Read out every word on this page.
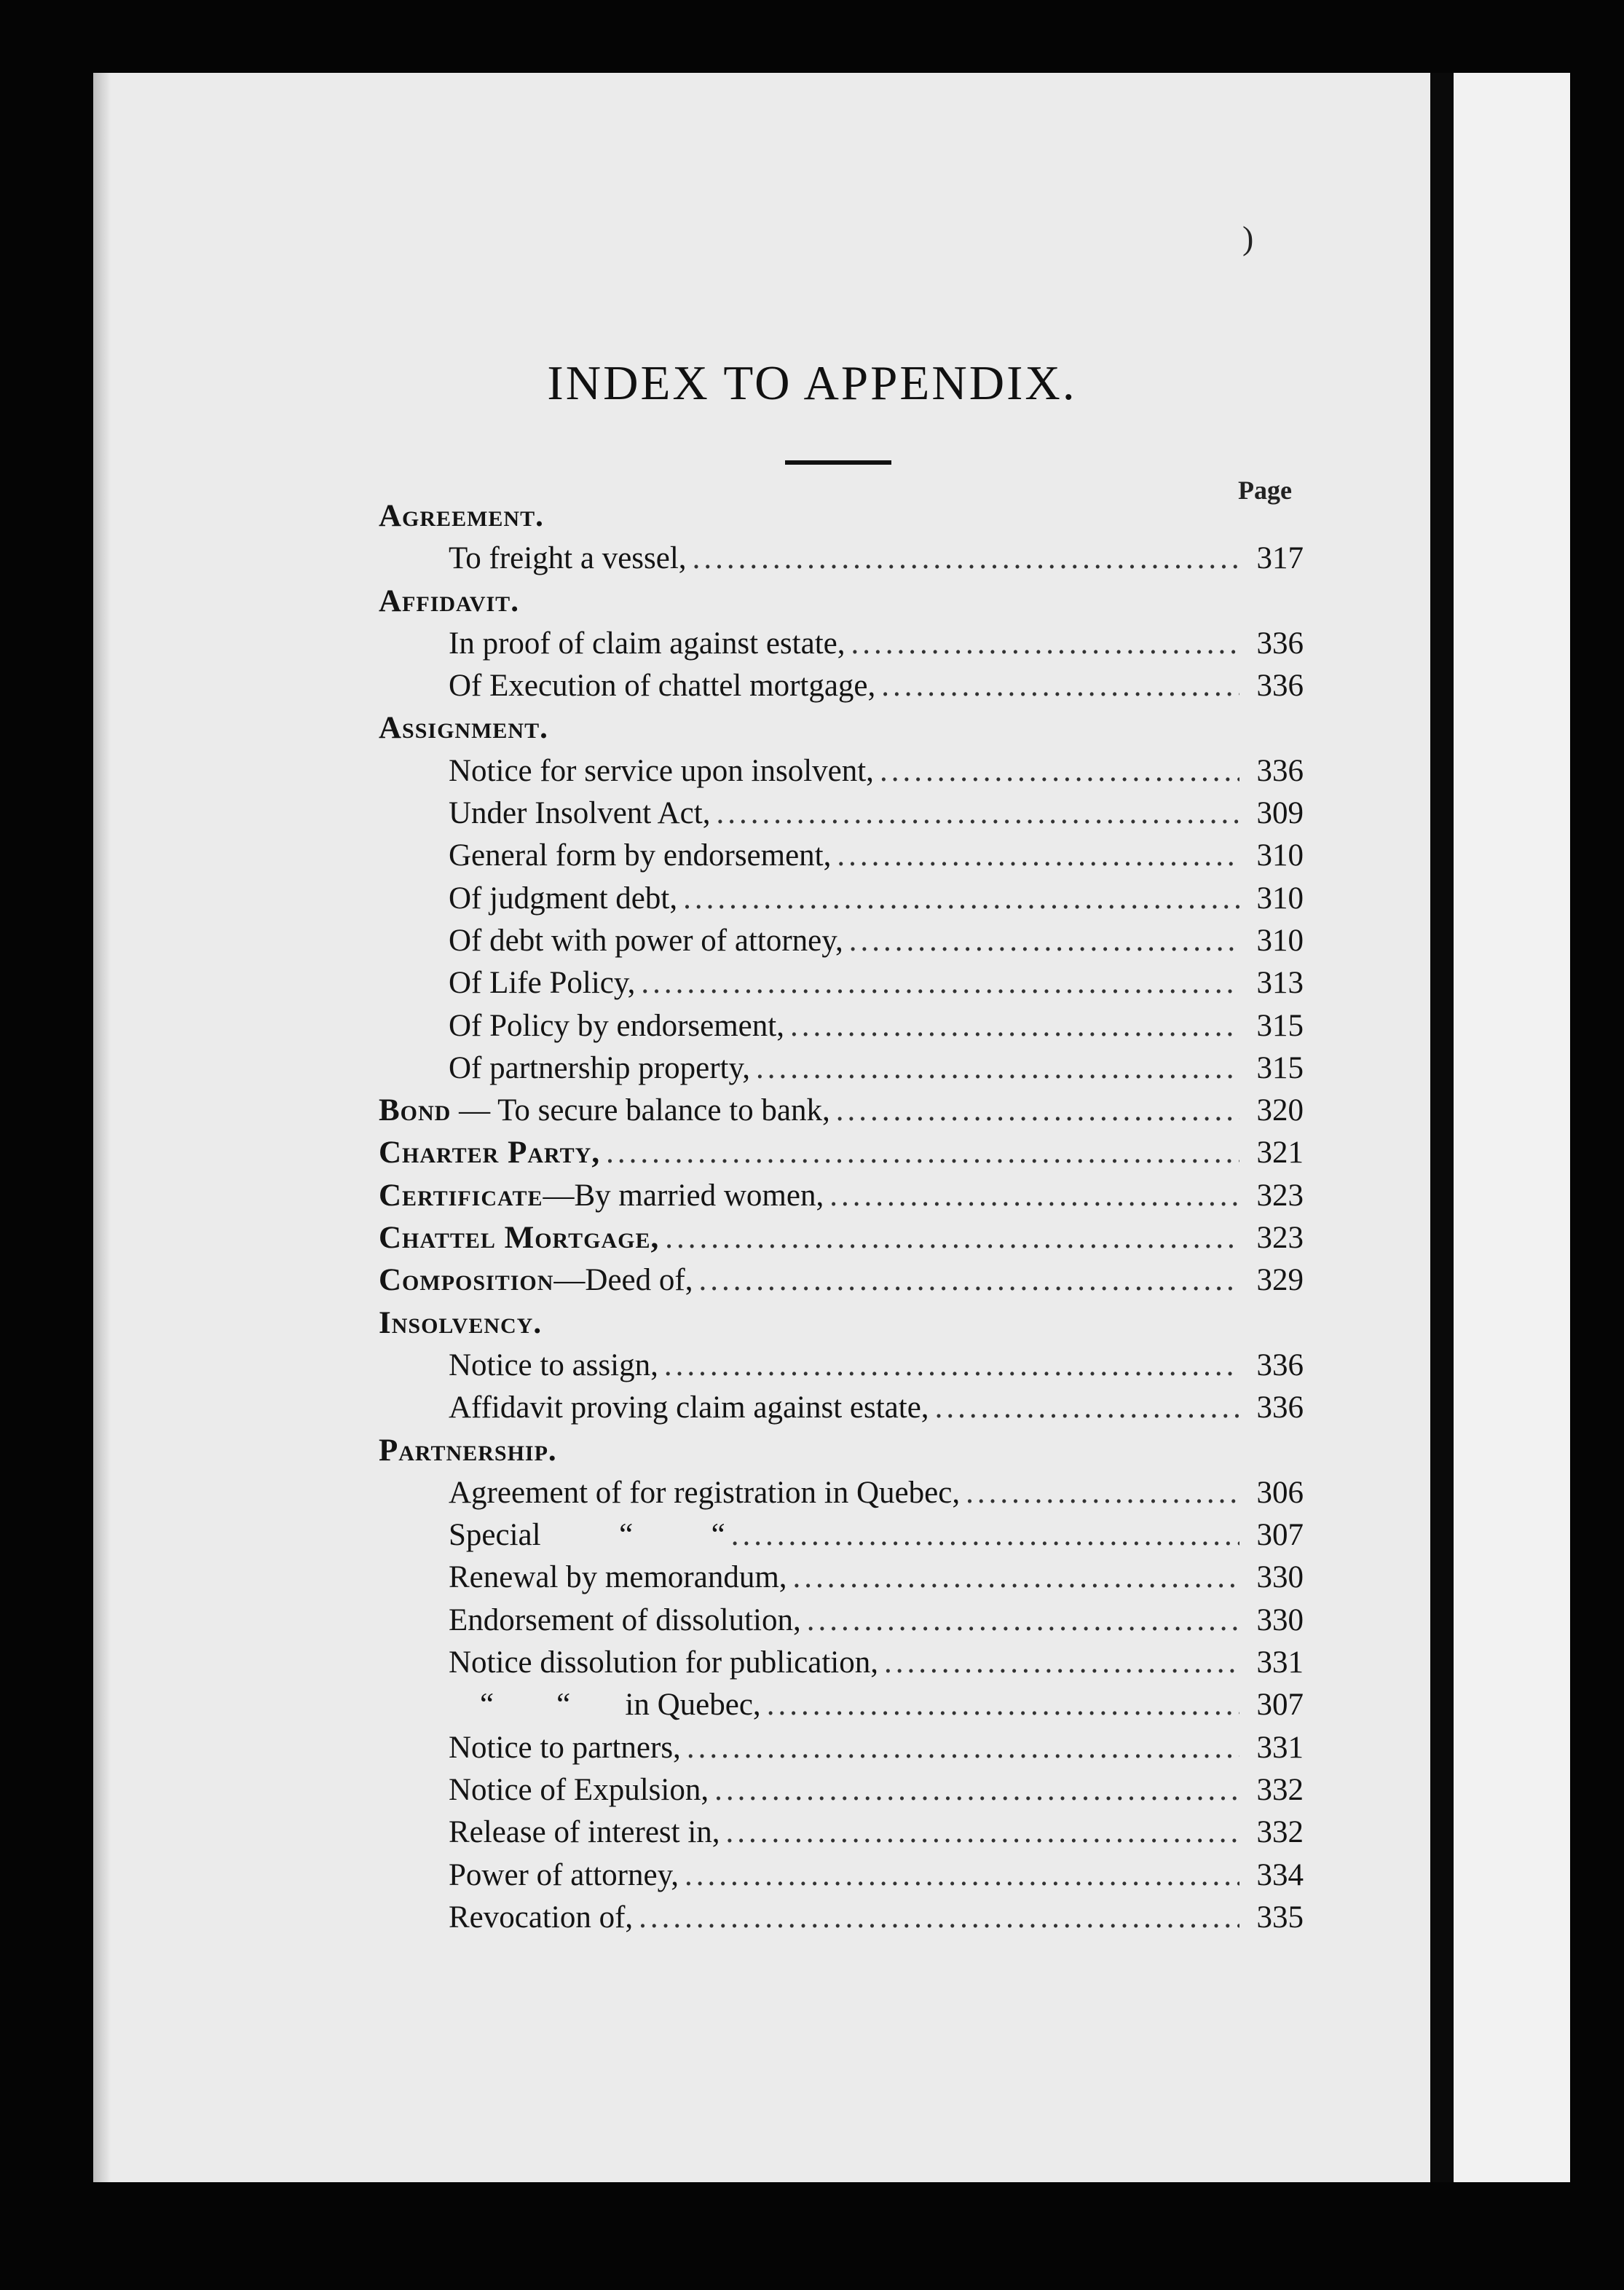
)
INDEX TO APPENDIX.
Page
Agreement.
To freight a vessel, .....	317
Affidavit.
In proof of claim against estate, .....	336
Of Execution of chattel mortgage, .....	336
Assignment.
Notice for service upon insolvent, .....	336
Under Insolvent Act, .....	309
General form by endorsement, .....	310
Of judgment debt, .....	310
Of debt with power of attorney, .....	310
Of Life Policy, .....	313
Of Policy by endorsement, .....	315
Of partnership property, .....	315
Bond — To secure balance to bank, .....	320
Charter Party, .....	321
Certificate—By married women, .....	323
Chattel Mortgage, .....	323
Composition—Deed of, .....	329
Insolvency.
Notice to assign, .....	336
Affidavit proving claim against estate, .....	336
Partnership.
Agreement of for registration in Quebec, .....	306
Special          “          “ .....	307
Renewal by memorandum, .....	330
Endorsement of dissolution, .....	330
Notice dissolution for publication, .....	331
“        “       in Quebec, .....	307
Notice to partners, .....	331
Notice of Expulsion, .....	332
Release of interest in, .....	332
Power of attorney, .....	334
Revocation of, .....	335
